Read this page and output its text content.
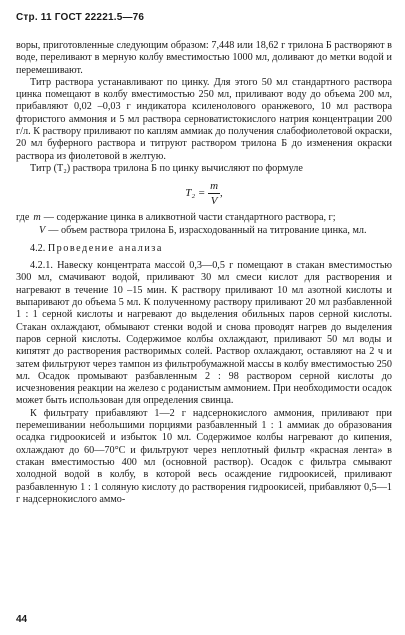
Стр. 11 ГОСТ 22221.5—76

воры, приготовленные следующим образом: 7,448 или 18,62 г трилона Б растворяют в воде, переливают в мерную колбу вместимостью 1000 мл, доливают до метки водой и перемешивают.

Титр раствора устанавливают по цинку. Для этого 50 мл стандартного раствора цинка помещают в колбу вместимостью 250 мл, приливают воду до объема 200 мл, прибавляют 0,02 –0,03 г индикатора ксиленолового оранжевого, 10 мл раствора фтористого аммония и 5 мл раствора серноватистокислого натрия концентрации 200 г/л. К раствору приливают по каплям аммиак до получения слабофиолетовой окраски, 20 мл буферного раствора и титруют раствором трилона Б до изменения окраски раствора из фиолетовой в желтую.

Титр (T₂) раствора трилона Б по цинку вычисляют по формуле

$T_2 = \frac{m}{V}$ ,
где m — содержание цинка в аликвотной части стандартного раствора, г;
V — объем раствора трилона Б, израсходованный на титрование цинка, мл.
4.2. Проведение анализа

4.2.1. Навеску концентрата массой 0,3—0,5 г помещают в стакан вместимостью 300 мл, смачивают водой, приливают 30 мл смеси кислот для растворения и нагревают в течение 10 –15 мин. К раствору приливают 10 мл азотной кислоты и выпаривают до объема 5 мл. К полученному раствору приливают 20 мл разбавленной 1 : 1 серной кислоты и нагревают до выделения обильных паров серной кислоты. Стакан охлаждают, обмывают стенки водой и снова проводят нагрев до выделения паров серной кислоты. Содержимое колбы охлаждают, приливают 50 мл воды и кипятят до растворения растворимых солей. Раствор охлаждают, оставляют на 2 ч и затем фильтруют через тампон из фильтробумажной массы в колбу вместимостью 250 мл. Осадок промывают разбавленным 2 : 98 раствором серной кислоты до исчезновения реакции на железо с роданистым аммонием. При необходимости осадок может быть использован для определения свинца.

К фильтрату прибавляют 1—2 г надсернокислого аммония, приливают при перемешивании небольшими порциями разбавленный 1 : 1 аммиак до образования осадка гидроокисей и избыток 10 мл. Содержимое колбы нагревают до кипения, охлаждают до 60—70°С и фильтруют через неплотный фильтр «красная лента» в стакан вместимостью 400 мл (основной раствор). Осадок с фильтра смывают холодной водой в колбу, в которой весь осаждение гидроокисей, приливают разбавленную 1 : 1 соляную кислоту до растворения гидроокисей, прибавляют 0,5—1 г надсернокислого аммо-

44
